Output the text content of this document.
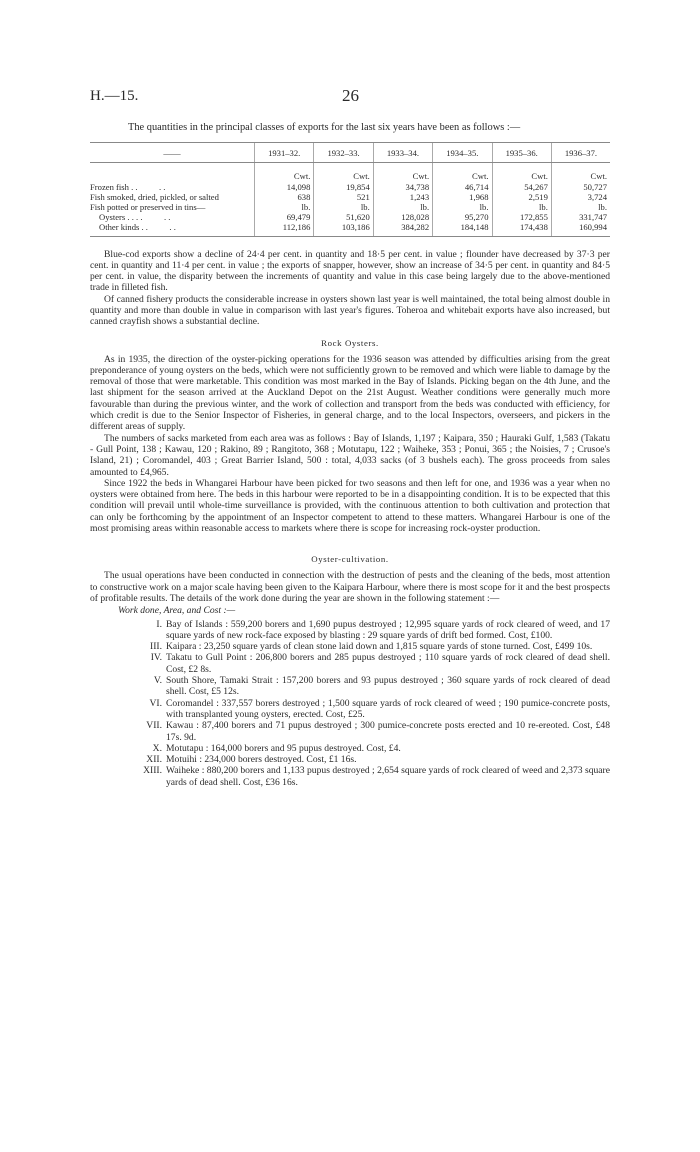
H.—15.	26

The quantities in the principal classes of exports for the last six years have been as follows :—

——	1931–32.	1932–33.	1933–34.	1934–35.	1935–36.	1936–37.
	Cwt.	Cwt.	Cwt.	Cwt.	Cwt.	Cwt.
Frozen fish . .          . .	14,098	19,854	34,738	46,714	54,267	50,727
Fish smoked, dried, pickled, or salted	638	521	1,243	1,968	2,519	3,724
Fish potted or preserved in tins—	lb.	lb.	lb.	lb.	lb.	lb.
Oysters . . . .          . .	69,479	51,620	128,028	95,270	172,855	331,747
Other kinds . .          . .	112,186	103,186	384,282	184,148	174,438	160,994

Blue-cod exports show a decline of 24·4 per cent. in quantity and 18·5 per cent. in value ; flounder have decreased by 37·3 per cent. in quantity and 11·4 per cent. in value ; the exports of snapper, however, show an increase of 34·5 per cent. in quantity and 84·5 per cent. in value, the disparity between the increments of quantity and value in this case being largely due to the above-mentioned trade in filleted fish.

Of canned fishery products the considerable increase in oysters shown last year is well maintained, the total being almost double in quantity and more than double in value in comparison with last year's figures. Toheroa and whitebait exports have also increased, but canned crayfish shows a substantial decline.

Rock Oysters.

As in 1935, the direction of the oyster-picking operations for the 1936 season was attended by difficulties arising from the great preponderance of young oysters on the beds, which were not sufficiently grown to be removed and which were liable to damage by the removal of those that were marketable. This condition was most marked in the Bay of Islands. Picking began on the 4th June, and the last shipment for the season arrived at the Auckland Depot on the 21st August. Weather conditions were generally much more favourable than during the previous winter, and the work of collection and transport from the beds was conducted with efficiency, for which credit is due to the Senior Inspector of Fisheries, in general charge, and to the local Inspectors, overseers, and pickers in the different areas of supply.

The numbers of sacks marketed from each area was as follows : Bay of Islands, 1,197 ; Kaipara, 350 ; Hauraki Gulf, 1,583 (Takatu - Gull Point, 138 ; Kawau, 120 ; Rakino, 89 ; Rangitoto, 368 ; Motutapu, 122 ; Waiheke, 353 ; Ponui, 365 ; the Noisies, 7 ; Crusoe's Island, 21) ; Coromandel, 403 ; Great Barrier Island, 500 : total, 4,033 sacks (of 3 bushels each). The gross proceeds from sales amounted to £4,965.

Since 1922 the beds in Whangarei Harbour have been picked for two seasons and then left for one, and 1936 was a year when no oysters were obtained from here. The beds in this harbour were reported to be in a disappointing condition. It is to be expected that this condition will prevail until whole-time surveillance is provided, with the continuous attention to both cultivation and protection that can only be forthcoming by the appointment of an Inspector competent to attend to these matters. Whangarei Harbour is one of the most promising areas within reasonable access to markets where there is scope for increasing rock-oyster production.

Oyster-cultivation.

The usual operations have been conducted in connection with the destruction of pests and the cleaning of the beds, most attention to constructive work on a major scale having been given to the Kaipara Harbour, where there is most scope for it and the best prospects of profitable results. The details of the work done during the year are shown in the following statement :—

Work done, Area, and Cost :—
I. Bay of Islands : 559,200 borers and 1,690 pupus destroyed ; 12,995 square yards of rock cleared of weed, and 17 square yards of new rock-face exposed by blasting : 29 square yards of drift bed formed. Cost, £100.
III. Kaipara : 23,250 square yards of clean stone laid down and 1,815 square yards of stone turned. Cost, £499 10s.
IV. Takatu to Gull Point : 206,800 borers and 285 pupus destroyed ; 110 square yards of rock cleared of dead shell. Cost, £2 8s.
V. South Shore, Tamaki Strait : 157,200 borers and 93 pupus destroyed ; 360 square yards of rock cleared of dead shell. Cost, £5 12s.
VI. Coromandel : 337,557 borers destroyed ; 1,500 square yards of rock cleared of weed ; 190 pumice-concrete posts, with transplanted young oysters, erected. Cost, £25.
VII. Kawau : 87,400 borers and 71 pupus destroyed ; 300 pumice-concrete posts erected and 10 re-ereoted. Cost, £48 17s. 9d.
X. Motutapu : 164,000 borers and 95 pupus destroyed. Cost, £4.
XII. Motuihi : 234,000 borers destroyed. Cost, £1 16s.
XIII. Waiheke : 880,200 borers and 1,133 pupus destroyed ; 2,654 square yards of rock cleared of weed and 2,373 square yards of dead shell. Cost, £36 16s.
